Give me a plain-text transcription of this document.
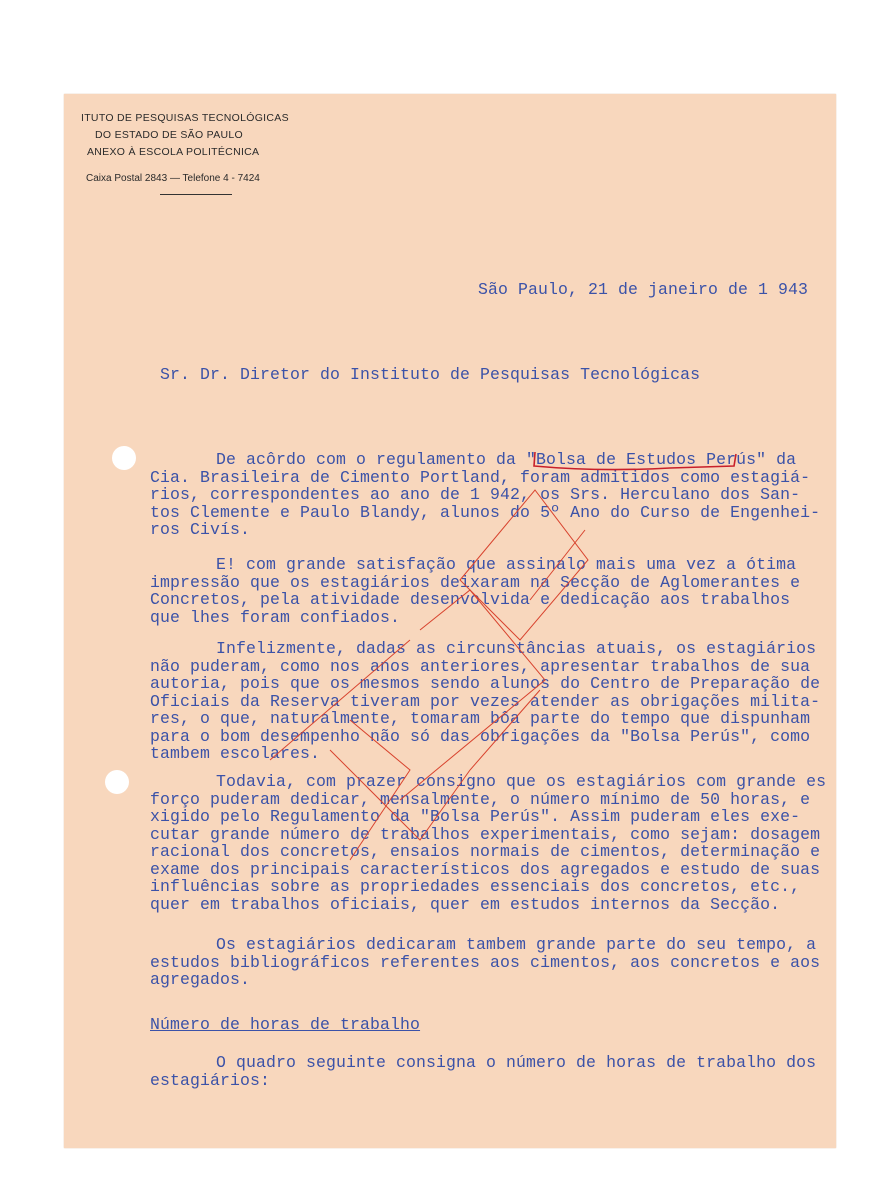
ITUTO DE PESQUISAS TECNOLÓGICAS
DO ESTADO DE SÃO PAULO
ANEXO À ESCOLA POLITÉCNICA
Caixa Postal 2843 — Telefone 4 - 7424
São Paulo, 21 de janeiro de 1 943
Sr. Dr. Diretor do Instituto de Pesquisas Tecnológicas
De acôrdo com o regulamento da "Bolsa de Estudos Perús" da
Cia. Brasileira de Cimento Portland, foram admitidos como estagiá-
rios, correspondentes ao ano de 1 942, os Srs. Herculano dos San-
tos Clemente e Paulo Blandy, alunos do 5º Ano do Curso de Engenhei-
ros Civís.
E! com grande satisfação que assinalo mais uma vez a ótima
impressão que os estagiários deixaram na Secção de Aglomerantes e
Concretos, pela atividade desenvolvida e dedicação aos trabalhos
que lhes foram confiados.
Infelizmente, dadas as circunstâncias atuais, os estagiários
não puderam, como nos anos anteriores, apresentar trabalhos de sua
autoria, pois que os mesmos sendo alunos do Centro de Preparação de
Oficiais da Reserva tiveram por vezes atender as obrigações milita-
res, o que, naturalmente, tomaram bôa parte do tempo que dispunham
para o bom desempenho não só das obrigações da "Bolsa Perús", como
tambem escolares.
Todavia, com prazer consigno que os estagiários com grande es
forço puderam dedicar, mensalmente, o número mínimo de 50 horas, e
xigido pelo Regulamento da "Bolsa Perús". Assim puderam eles exe-
cutar grande número de trabalhos experimentais, como sejam: dosagem
racional dos concretos, ensaios normais de cimentos, determinação e
exame dos principais característicos dos agregados e estudo de suas
influências sobre as propriedades essenciais dos concretos, etc.,
quer em trabalhos oficiais, quer em estudos internos da Secção.
Os estagiários dedicaram tambem grande parte do seu tempo, a
estudos bibliográficos referentes aos cimentos, aos concretos e aos
agregados.
Número de horas de trabalho
O quadro seguinte consigna o número de horas de trabalho dos
estagiários:
